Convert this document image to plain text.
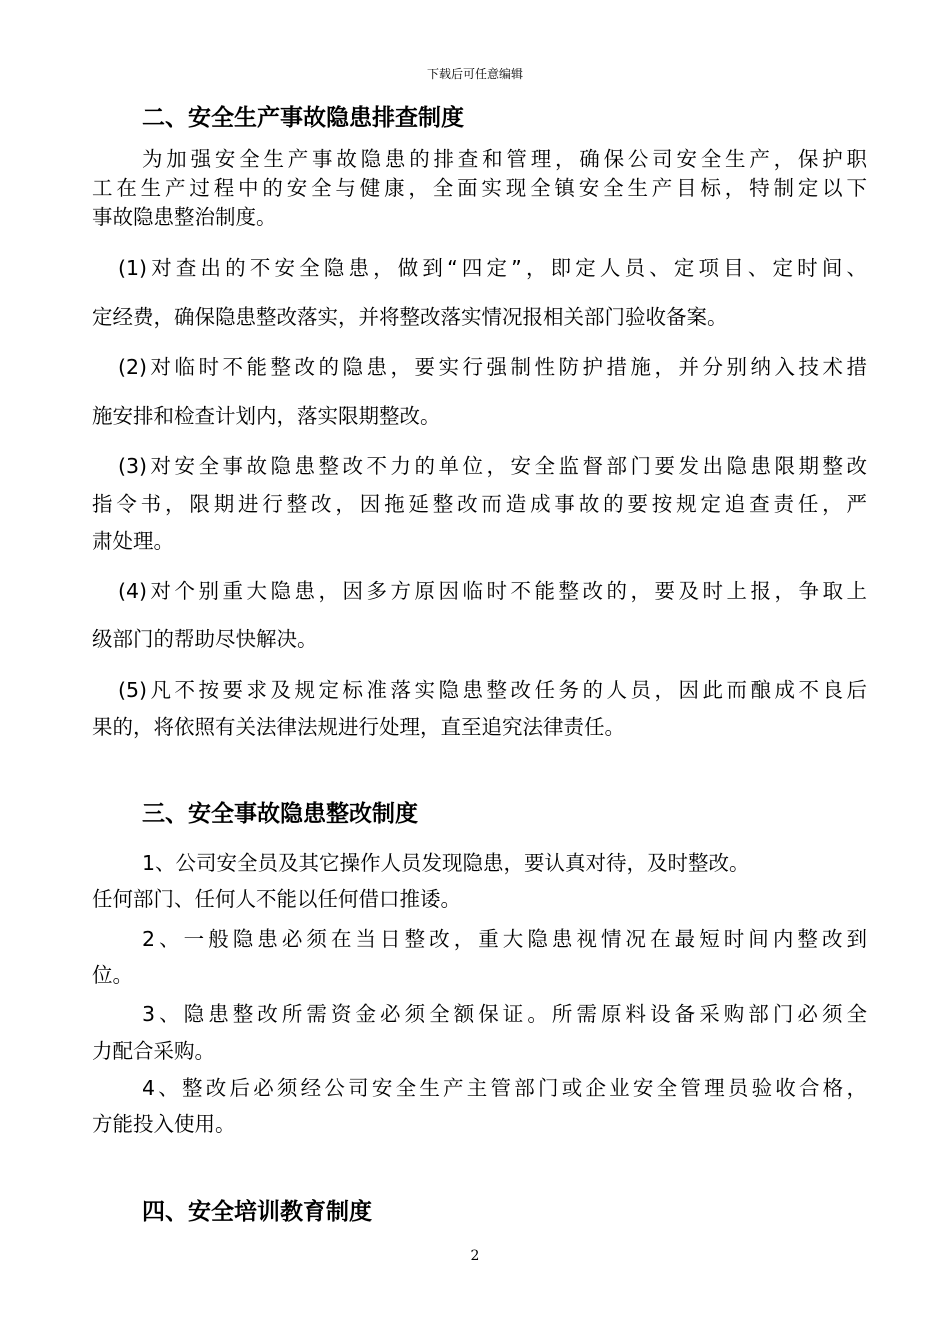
下载后可任意编辑
二、安全生产事故隐患排查制度
为加强安全生产事故隐患的排查和管理，确保公司安全生产，保护职
工在生产过程中的安全与健康，全面实现全镇安全生产目标，特制定以下
事故隐患整治制度。
(1)对查出的不安全隐患，做到“四定”，即定人员、定项目、定时间、
定经费，确保隐患整改落实，并将整改落实情况报相关部门验收备案。
(2)对临时不能整改的隐患，要实行强制性防护措施，并分别纳入技术措
施安排和检查计划内，落实限期整改。
(3)对安全事故隐患整改不力的单位，安全监督部门要发出隐患限期整改
指令书，限期进行整改，因拖延整改而造成事故的要按规定追查责任，严
肃处理。
(4)对个别重大隐患，因多方原因临时不能整改的，要及时上报，争取上
级部门的帮助尽快解决。
(5)凡不按要求及规定标准落实隐患整改任务的人员，因此而酿成不良后
果的，将依照有关法律法规进行处理，直至追究法律责任。
三、安全事故隐患整改制度
1、公司安全员及其它操作人员发现隐患，要认真对待，及时整改。
任何部门、任何人不能以任何借口推诿。
2、一般隐患必须在当日整改，重大隐患视情况在最短时间内整改到
位。
3、隐患整改所需资金必须全额保证。所需原料设备采购部门必须全
力配合采购。
4、整改后必须经公司安全生产主管部门或企业安全管理员验收合格，
方能投入使用。
四、安全培训教育制度
2
